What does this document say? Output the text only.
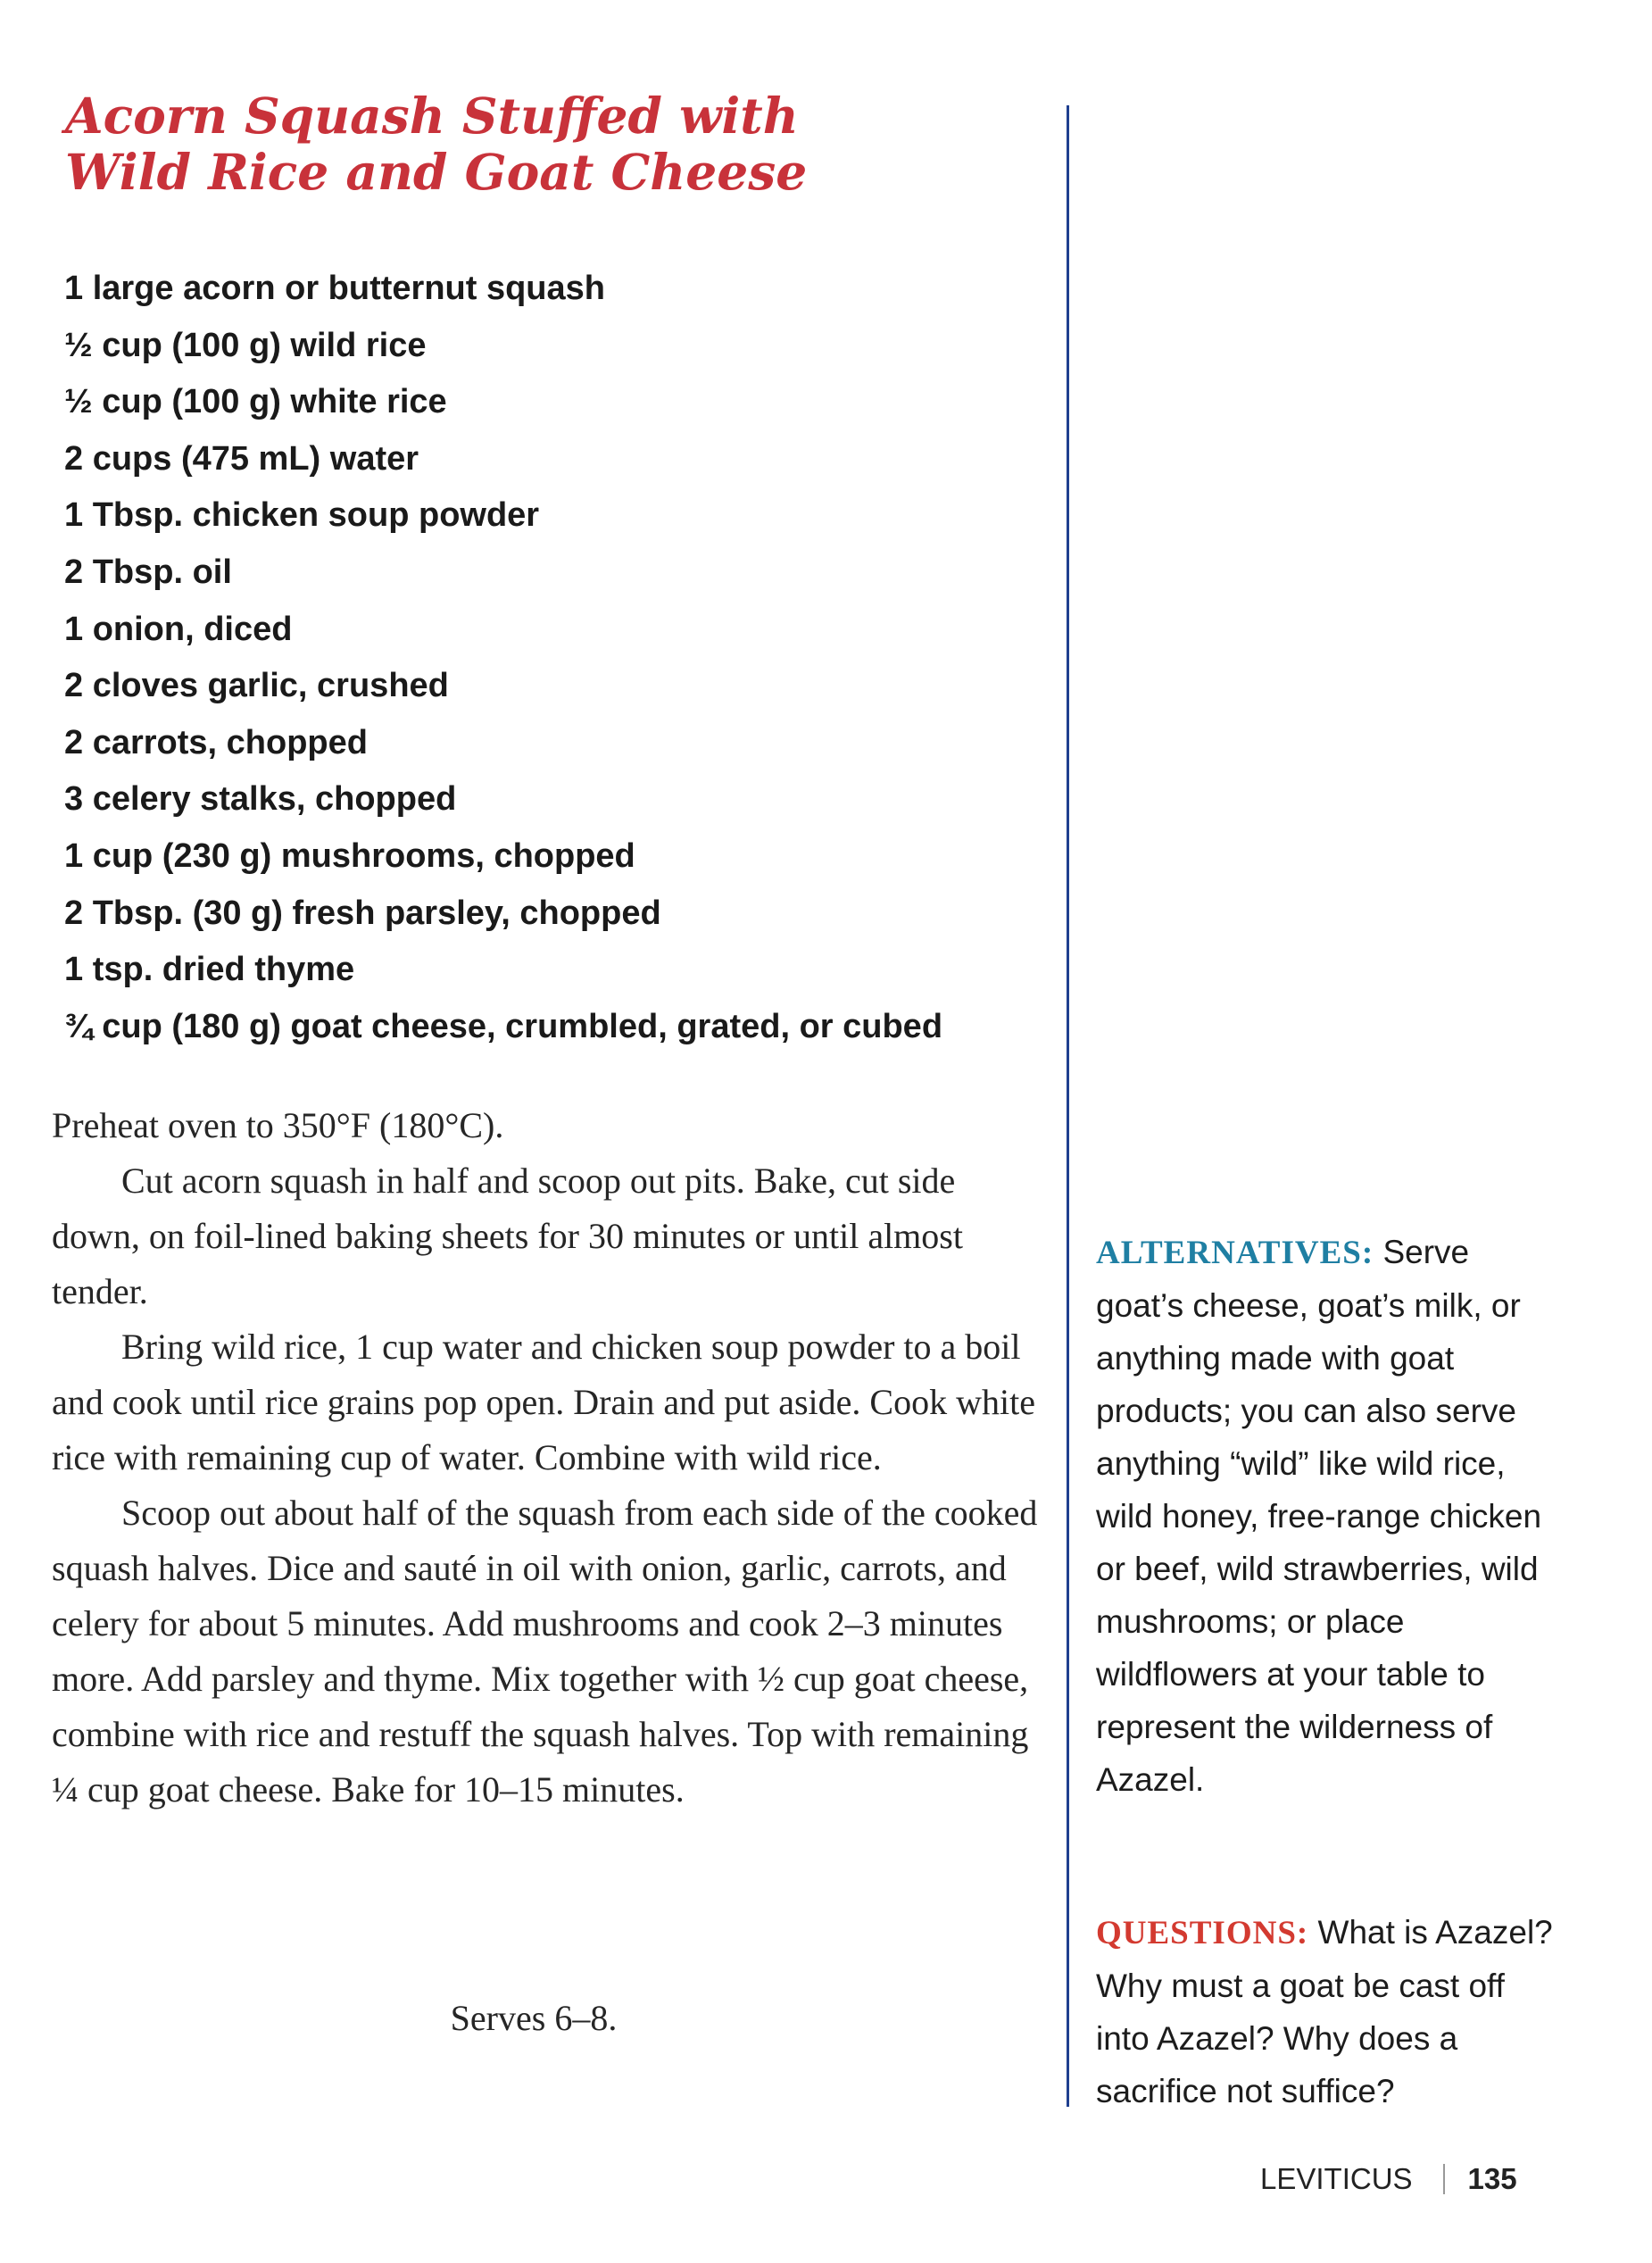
Acorn Squash Stuffed with
Wild Rice and Goat Cheese
1 large acorn or butternut squash
½ cup (100 g) wild rice
½ cup (100 g) white rice
2 cups (475 mL) water
1 Tbsp. chicken soup powder
2 Tbsp. oil
1 onion, diced
2 cloves garlic, crushed
2 carrots, chopped
3 celery stalks, chopped
1 cup (230 g) mushrooms, chopped
2 Tbsp. (30 g) fresh parsley, chopped
1 tsp. dried thyme
¾ cup (180 g) goat cheese, crumbled, grated, or cubed

Preheat oven to 350°F (180°C).

Cut acorn squash in half and scoop out pits. Bake, cut side down, on foil-lined baking sheets for 30 minutes or until almost tender.

Bring wild rice, 1 cup water and chicken soup powder to a boil and cook until rice grains pop open. Drain and put aside. Cook white rice with remaining cup of water. Combine with wild rice.

Scoop out about half of the squash from each side of the cooked squash halves. Dice and sauté in oil with onion, garlic, carrots, and celery for about 5 minutes. Add mushrooms and cook 2–3 minutes more. Add parsley and thyme. Mix together with ½ cup goat cheese, combine with rice and restuff the squash halves. Top with remaining ¼ cup goat cheese. Bake for 10–15 minutes.

Serves 6–8.
ALTERNATIVES: Serve goat’s cheese, goat’s milk, or anything made with goat products; you can also serve anything “wild” like wild rice, wild honey, free-range chicken or beef, wild strawberries, wild mushrooms; or place wildflowers at your table to represent the wilderness of Azazel.
QUESTIONS: What is Azazel? Why must a goat be cast off into Azazel? Why does a sacrifice not suffice?
LEVITICUS 135
